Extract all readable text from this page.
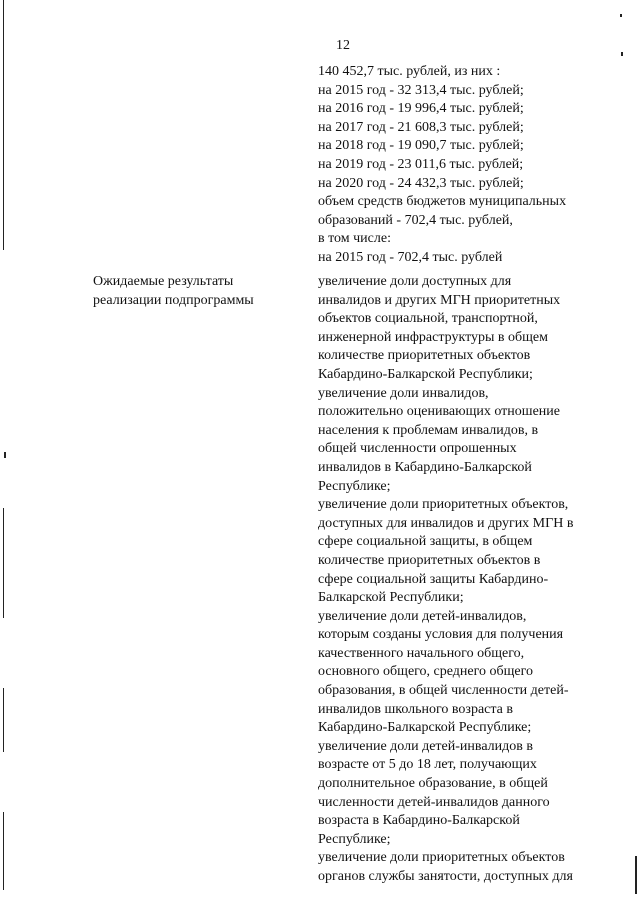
12
140 452,7 тыс. рублей, из них :
на 2015 год - 32 313,4 тыс. рублей;
на 2016 год - 19 996,4 тыс. рублей;
на 2017 год - 21 608,3 тыс. рублей;
на 2018 год - 19 090,7 тыс. рублей;
на 2019 год - 23 011,6 тыс. рублей;
на 2020 год - 24 432,3 тыс. рублей;
объем средств бюджетов муниципальных
образований - 702,4 тыс. рублей,
в том числе:
на 2015 год - 702,4 тыс. рублей
Ожидаемые результаты
реализации подпрограммы
увеличение доли доступных для
инвалидов и других МГН приоритетных
объектов социальной, транспортной,
инженерной инфраструктуры в общем
количестве приоритетных объектов
Кабардино-Балкарской Республики;
увеличение доли инвалидов,
положительно оценивающих отношение
населения к проблемам инвалидов, в
общей численности опрошенных
инвалидов в Кабардино-Балкарской
Республике;
увеличение доли приоритетных объектов,
доступных для инвалидов и других МГН в
сфере социальной защиты, в общем
количестве приоритетных объектов в
сфере социальной защиты Кабардино-
Балкарской Республики;
увеличение доли детей-инвалидов,
которым созданы условия для получения
качественного начального общего,
основного общего, среднего общего
образования, в общей численности детей-
инвалидов школьного возраста в
Кабардино-Балкарской Республике;
увеличение доли детей-инвалидов в
возрасте от 5 до 18 лет, получающих
дополнительное образование, в общей
численности детей-инвалидов данного
возраста в Кабардино-Балкарской
Республике;
увеличение доли приоритетных объектов
органов службы занятости, доступных для
